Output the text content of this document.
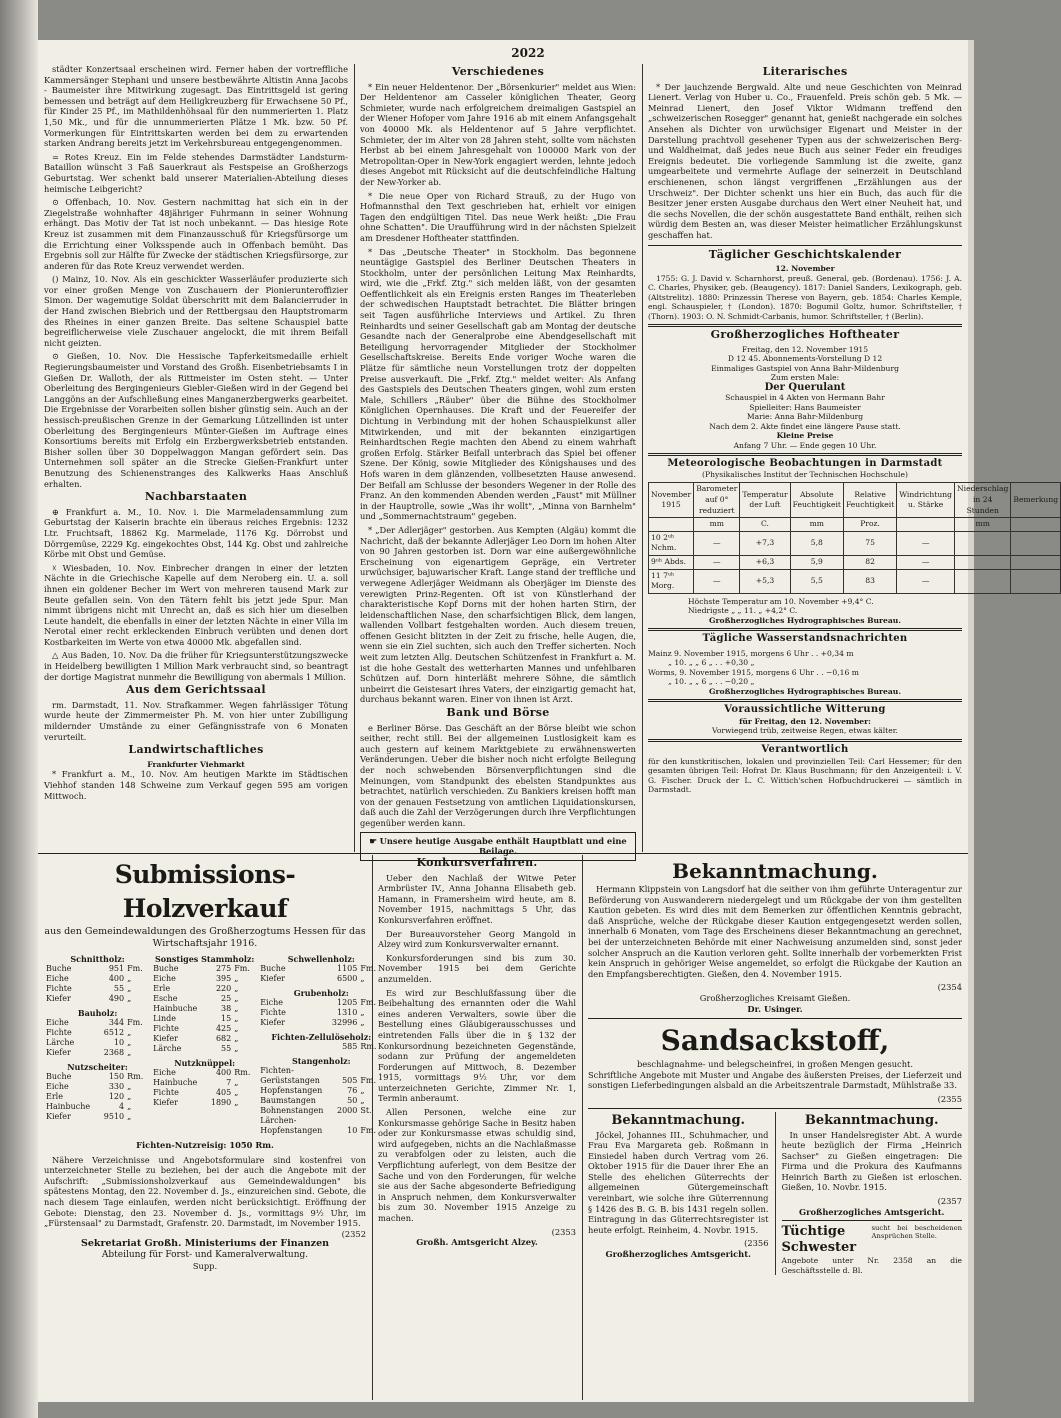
2022

städter Konzertsaal erscheinen wird. Ferner haben der vortreffliche Kammersänger Stephani und unsere bestbewährte Altistin Anna Jacobs - Baumeister ihre Mitwirkung zugesagt. Das Eintrittsgeld ist gering bemessen und beträgt auf dem Heiligkreuzberg für Erwachsene 50 Pf., für Kinder 25 Pf., im Mathildenhöhsaal für den nummerierten 1. Platz 1,50 Mk., und für die unnummerierten Plätze 1 Mk. bzw. 50 Pf. Vormerkungen für Eintrittskarten werden bei dem zu erwartenden starken Andrang bereits jetzt im Verkehrsbureau entgegengenommen.

= Rotes Kreuz. Ein im Felde stehendes Darmstädter Landsturm-Bataillon wünscht 3 Faß Sauerkraut als Festspeise an Großherzogs Geburtstag. Wer schenkt bald unserer Materialien-Abteilung dieses heimische Leibgericht?

⊙ Offenbach, 10. Nov. Gestern nachmittag hat sich ein in der Ziegelstraße wohnhafter 48jähriger Fuhrmann in seiner Wohnung erhängt. Das Motiv der Tat ist noch unbekannt. — Das hiesige Rote Kreuz ist zusammen mit dem Finanzausschuß für Kriegsfürsorge um die Errichtung einer Volksspende auch in Offenbach bemüht. Das Ergebnis soll zur Hälfte für Zwecke der städtischen Kriegsfürsorge, zur anderen für das Rote Kreuz verwendet werden.

() Mainz, 10. Nov. Als ein geschickter Wasserläufer produzierte sich vor einer großen Menge von Zuschauern der Pionierunteroffizier Simon. Der wagemutige Soldat überschritt mit dem Balancierruder in der Hand zwischen Biebrich und der Rettbergsau den Hauptstromarm des Rheines in einer ganzen Breite. Das seltene Schauspiel batte begreiflicherweise viele Zuschauer angelockt, die mit ihrem Beifall nicht geizten.

⊙ Gießen, 10. Nov. Die Hessische Tapferkeitsmedaille erhielt Regierungsbaumeister und Vorstand des Großh. Eisenbetriebsamts I in Gießen Dr. Walloth, der als Rittmeister im Osten steht. — Unter Oberleitung des Bergingenieurs Giebler-Gießen wird in der Gegend bei Langgöns an der Aufschließung eines Manganerzbergwerks gearbeitet. Die Ergebnisse der Vorarbeiten sollen bisher günstig sein. Auch an der hessisch-preußischen Grenze in der Gemarkung Lützellinden ist unter Oberleitung des Bergingenieurs Münter-Gießen im Auftrage eines Konsortiums bereits mit Erfolg ein Erzbergwerksbetrieb entstanden. Bisher sollen über 30 Doppelwaggon Mangan gefördert sein. Das Unternehmen soll später an die Strecke Gießen-Frankfurt unter Benutzung des Schienenstranges des Kalkwerks Haas Anschluß erhalten.

Nachbarstaaten

⊕ Frankfurt a. M., 10. Nov. i. Die Marmeladensammlung zum Geburtstag der Kaiserin brachte ein überaus reiches Ergebnis: 1232 Ltr. Fruchtsaft, 18862 Kg. Marmelade, 1176 Kg. Dörrobst und Dörrgemüse, 2229 Kg. eingekochtes Obst, 144 Kg. Obst und zahlreiche Körbe mit Obst und Gemüse.

☓ Wiesbaden, 10. Nov. Einbrecher drangen in einer der letzten Nächte in die Griechische Kapelle auf dem Neroberg ein. U. a. soll ihnen ein goldener Becher im Wert von mehreren tausend Mark zur Beute gefallen sein. Von den Tätern fehlt bis jetzt jede Spur. Man nimmt übrigens nicht mit Unrecht an, daß es sich hier um dieselben Leute handelt, die ebenfalls in einer der letzten Nächte in einer Villa im Nerotal einer recht erkleckenden Einbruch verübten und denen dort Kostbarkeiten im Werte von etwa 40000 Mk. abgefallen sind.

△ Aus Baden, 10. Nov. Da die früher für Kriegsunterstützungszwecke in Heidelberg bewilligten 1 Million Mark verbraucht sind, so beantragt der dortige Magistrat nunmehr die Bewilligung von abermals 1 Million.

Aus dem Gerichtssaal

rm. Darmstadt, 11. Nov. Strafkammer. Wegen fahrlässiger Tötung wurde heute der Zimmermeister Ph. M. von hier unter Zubilligung mildernder Umstände zu einer Gefängnisstrafe von 6 Monaten verurteilt.

Landwirtschaftliches
Frankfurter Viehmarkt

* Frankfurt a. M., 10. Nov. Am heutigen Markte im Städtischen Viehhof standen 148 Schweine zum Verkauf gegen 595 am vorigen Mittwoch.

Verschiedenes

* Ein neuer Heldentenor. Der „Börsenkurier" meldet aus Wien: Der Heldentenor am Casseler königlichen Theater, Georg Schmieter, wurde nach erfolgreichem dreimaligen Gastspiel an der Wiener Hofoper vom Jahre 1916 ab mit einem Anfangsgehalt von 40000 Mk. als Heldentenor auf 5 Jahre verpflichtet. Schmieter, der im Alter von 28 Jahren steht, sollte vom nächsten Herbst ab bei einem Jahresgehalt von 100000 Mark von der Metropolitan-Oper in New-York engagiert werden, lehnte jedoch dieses Angebot mit Rücksicht auf die deutschfeindliche Haltung der New-Yorker ab.

* Die neue Oper von Richard Strauß, zu der Hugo von Hofmannsthal den Text geschrieben hat, erhielt vor einigen Tagen den endgültigen Titel. Das neue Werk heißt: „Die Frau ohne Schatten". Die Uraufführung wird in der nächsten Spielzeit am Dresdener Hoftheater stattfinden.

* Das „Deutsche Theater" in Stockholm. Das begonnene neuntägige Gastspiel des Berliner Deutschen Theaters in Stockholm, unter der persönlichen Leitung Max Reinhardts, wird, wie die „Frkf. Ztg." sich melden läßt, von der gesamten Oeffentlichkeit als ein Ereignis ersten Ranges im Theaterleben der schwedischen Hauptstadt betrachtet. Die Blätter bringen seit Tagen ausführliche Interviews und Artikel. Zu Ihren Reinhardts und seiner Gesellschaft gab am Montag der deutsche Gesandte nach der Generalprobe eine Abendgesellschaft mit Beteiligung hervorragender Mitglieder der Stockholmer Gesellschaftskreise. Bereits Ende voriger Woche waren die Plätze für sämtliche neun Vorstellungen trotz der doppelten Preise ausverkauft. Die „Frkf. Ztg." meldet weiter: Als Anfang des Gastspiels des Deutschen Theaters gingen, wohl zum ersten Male, Schillers „Räuber" über die Bühne des Stockholmer Königlichen Opernhauses. Die Kraft und der Feuereifer der Dichtung in Verbindung mit der hohen Schauspielkunst aller Mitwirkenden, und mit der bekannten einzigartigen Reinhardtschen Regie machten den Abend zu einem wahrhaft großen Erfolg. Stärker Beifall unterbrach das Spiel bei offener Szene. Der König, sowie Mitglieder des Königshauses und des Hofs waren in dem glänzenden, vollbesetzten Hause anwesend. Der Beifall am Schlusse der besonders Wegener in der Rolle des Franz. An den kommenden Abenden werden „Faust" mit Müllner in der Hauptrolle, sowie „Was ihr wollt", „Minna von Barnhelm" und „Sommernachtstraum" gegeben.

* „Der Adlerjäger" gestorben. Aus Kempten (Algäu) kommt die Nachricht, daß der bekannte Adlerjäger Leo Dorn im hohen Alter von 90 Jahren gestorben ist. Dorn war eine außergewöhnliche Erscheinung von eigenartigem Gepräge, ein Vertreter urwüchsiger, bajuwarischer Kraft. Lange stand der treffliche und verwegene Adlerjäger Weidmann als Oberjäger im Dienste des verewigten Prinz-Regenten. Oft ist von Künstlerhand der charakteristische Kopf Dorns mit der hohen harten Stirn, der leidenschaftlichen Nase, den scharfsichtigen Blick, dem langen, wallenden Vollbart festgehalten worden. Auch diesem treuen, offenen Gesicht blitzten in der Zeit zu frische, helle Augen, die, wenn sie ein Ziel suchten, sich auch den Treffer sicherten. Noch weit zum letzten Allg. Deutschen Schützenfest in Frankfurt a. M. ist die hohe Gestalt des wetterharten Mannes und unfehlbaren Schützen auf. Dorn hinterläßt mehrere Söhne, die sämtlich unbeirrt die Geistesart ihres Vaters, der einzigartig gemacht hat, durchaus bekannt waren. Einer von ihnen ist Arzt.

Bank und Börse

e Berliner Börse. Das Geschäft an der Börse bleibt wie schon seither, recht still. Bei der allgemeinen Lustlosigkeit kam es auch gestern auf keinem Marktgebiete zu erwähnenswerten Veränderungen. Ueber die bisher noch nicht erfolgte Beilegung der noch schwebenden Börsenverpflichtungen sind die Meinungen, vom Standpunkt des ebelsten Standpunktes aus betrachtet, natürlich verschieden. Zu Bankiers kreisen hofft man von der genauen Festsetzung von amtlichen Liquidationskursen, daß auch die Zahl der Verzögerungen durch ihre Verpflichtungen gegenüber werden kann.

☛ Unsere heutige Ausgabe enthält Hauptblatt und eine Beilage.
Literarisches

* Der jauchzende Bergwald. Alte und neue Geschichten von Meinrad Lienert. Verlag von Huber u. Co., Frauenfeld. Preis schön geb. 5 Mk. — Meinrad Lienert, den Josef Viktor Widmann treffend den „schweizerischen Rosegger" genannt hat, genießt nachgerade ein solches Ansehen als Dichter von urwüchsiger Eigenart und Meister in der Darstellung prachtvoll gesehener Typen aus der schweizerischen Berg- und Waldheimat, daß jedes neue Buch aus seiner Feder ein freudiges Ereignis bedeutet. Die vorliegende Sammlung ist die zweite, ganz umgearbeitete und vermehrte Auflage der seinerzeit in Deutschland erschienenen, schon längst vergriffenen „Erzählungen aus der Urschweiz". Der Dichter schenkt uns hier ein Buch, das auch für die Besitzer jener ersten Ausgabe durchaus den Wert einer Neuheit hat, und die sechs Novellen, die der schön ausgestattete Band enthält, reihen sich würdig dem Besten an, was dieser Meister heimatlicher Erzählungskunst geschaffen hat.

Täglicher Geschichtskalender
12. November

1755: G. J. David v. Scharnhorst, preuß. General, geb. (Bordenau). 1756: J. A. C. Charles, Physiker, geb. (Beaugency). 1817: Daniel Sanders, Lexikograph, geb. (Altstrelitz). 1880: Prinzessin Therese von Bayern, geb. 1854: Charles Kemple, engl. Schauspieler, † (London). 1870: Bogumil Goltz, humor. Schriftsteller, † (Thorn). 1903: O. N. Schmidt-Carbanis, humor. Schriftsteller, † (Berlin).

Großherzogliches Hoftheater
Freitag, den 12. November 1915
D 12 45. Abonnements-Vorstellung D 12
Einmaliges Gastspiel von Anna Bahr-Mildenburg
Zum ersten Male:
Der Querulant
Schauspiel in 4 Akten von Hermann Bahr
Spielleiter: Hans Baumeister
Marie: Anna Bahr-Mildenburg
Nach dem 2. Akte findet eine längere Pause statt.
Kleine Preise
Anfang 7 Uhr. — Ende gegen 10 Uhr.
Meteorologische Beobachtungen in Darmstadt
(Physikalisches Institut der Technischen Hochschule)
November 1915	Barometer auf 0° reduziert	Temperatur der Luft	Absolute Feuchtigkeit	Relative Feuchtigkeit	Windrichtung u. Stärke	Niederschlag in 24 Stunden	Bemerkung
	mm	C.	mm	Proz.		mm	
10 2ᵘʰ Nchm.	—	+7,3	5,8	75	—		
9ᵘʰ Abds.	—	+6,3	5,9	82	—		
11 7ᵘʰ Morg.	—	+5,3	5,5	83	—		
Höchste Temperatur am 10. November +9,4° C.
Niedrigste „ „ 11. „ +4,2° C.
Großherzogliches Hydrographisches Bureau.
Tägliche Wasserstandsnachrichten
Mainz 9. November 1915, morgens 6 Uhr . . +0,34 m
„ 10. „ „ 6 „ . . +0,30 „
Worms, 9. November 1915, morgens 6 Uhr . . −0,16 m
„ 10. „ „ 6 „ . . −0,20 „
Großherzogliches Hydrographisches Bureau.
Voraussichtliche Witterung
für Freitag, den 12. November:
Vorwiegend trüb, zeitweise Regen, etwas kälter.
Verantwortlich
für den kunstkritischen, lokalen und provinziellen Teil: Carl Hessemer; für den gesamten übrigen Teil: Hofrat Dr. Klaus Buschmann; für den Anzeigenteil: i. V. G. Fischer. Druck der L. C. Wittich'schen Hofbuchdruckerei — sämtlich in Darmstadt.
Submissions-Holzverkauf
aus den Gemeindewaldungen des Großherzogtums Hessen für das Wirtschaftsjahr 1916.
Schnittholz:
Buche	951 Fm.
Eiche	400 „
Fichte	55 „
Kiefer	490 „
Bauholz:
Eiche	344 Fm.
Fichte	6512 „
Lärche	10 „
Kiefer	2368 „
Nutzscheiter:
Buche	150 Rm.
Eiche	330 „
Erle	120 „
Hainbuche	4 „
Kiefer	9510 „

Sonstiges Stammholz:
Buche	275 Fm.
Eiche	395 „
Erle	220 „
Esche	25 „
Hainbuche	38 „
Linde	15 „
Fichte	425 „
Kiefer	682 „
Lärche	55 „
Nutzknüppel:
Eiche	400 Rm.
Hainbuche	7 „
Fichte	405 „
Kiefer	1890 „

Schwellenholz:
Buche	1105 Fm.
Kiefer	6500 „
Grubenholz:
Eiche	1205 Fm.
Fichte	1310 „
Kiefer	32996 „
Fichten-Zellulöseholz:
585 Rm.
Stangenholz:
Fichten-
Gerüststangen	505 Fm.
Hopfenstangen	76 „
Baumstangen	50 „
Bohnenstangen	2000 St.
Lärchen-
Hopfenstangen	10 Fm.
Fichten-Nutzreisig: 1050 Rm.

Nähere Verzeichnisse und Angebotsformulare sind kostenfrei von unterzeichneter Stelle zu beziehen, bei der auch die Angebote mit der Aufschrift: „Submissionsholzverkauf aus Gemeindewaldungen" bis spätestens Montag, den 22. November d. Js., einzureichen sind. Gebote, die nach diesem Tage einlaufen, werden nicht berücksichtigt. Eröffnung der Gebote: Dienstag, den 23. November d. Js., vormittags 9½ Uhr, im „Fürstensaal" zu Darmstadt, Grafenstr. 20. Darmstadt, im November 1915.

(2352
Sekretariat Großh. Ministeriums der Finanzen
Abteilung für Forst- und Kameralverwaltung.
Supp.
Konkursverfahren.

Ueber den Nachlaß der Witwe Peter Armbrüster IV., Anna Johanna Elisabeth geb. Hamann, in Framersheim wird heute, am 8. November 1915, nachmittags 5 Uhr, das Konkursverfahren eröffnet.

Der Bureauvorsteher Georg Mangold in Alzey wird zum Konkursverwalter ernannt.

Konkursforderungen sind bis zum 30. November 1915 bei dem Gerichte anzumelden.

Es wird zur Beschlußfassung über die Beibehaltung des ernannten oder die Wahl eines anderen Verwalters, sowie über die Bestellung eines Gläubigerausschusses und eintretenden Falls über die in § 132 der Konkursordnung bezeichneten Gegenstände, sodann zur Prüfung der angemeldeten Forderungen auf Mittwoch, 8. Dezember 1915, vormittags 9½ Uhr, vor dem unterzeichneten Gerichte, Zimmer Nr. 1, Termin anberaumt.

Allen Personen, welche eine zur Konkursmasse gehörige Sache in Besitz haben oder zur Konkursmasse etwas schuldig sind, wird aufgegeben, nichts an die Nachlaßmasse zu verabfolgen oder zu leisten, auch die Verpflichtung auferlegt, von dem Besitze der Sache und von den Forderungen, für welche sie aus der Sache abgesonderte Befriedigung in Anspruch nehmen, dem Konkursverwalter bis zum 30. November 1915 Anzeige zu machen.

(2353
Großh. Amtsgericht Alzey.
Bekanntmachung.

Hermann Klippstein von Langsdorf hat die seither von ihm geführte Unteragentur zur Beförderung von Auswanderern niedergelegt und um Rückgabe der von ihm gestellten Kaution gebeten. Es wird dies mit dem Bemerken zur öffentlichen Kenntnis gebracht, daß Ansprüche, welche der Rückgabe dieser Kaution entgegengesetzt werden sollen, innerhalb 6 Monaten, vom Tage des Erscheinens dieser Bekanntmachung an gerechnet, bei der unterzeichneten Behörde mit einer Nachweisung anzumelden sind, sonst jeder solcher Anspruch an die Kaution verloren geht. Sollte innerhalb der vorbemerkten Frist kein Anspruch in gehöriger Weise angemeldet, so erfolgt die Rückgabe der Kaution an den Empfangsberechtigten. Gießen, den 4. November 1915.

(2354
Großherzogliches Kreisamt Gießen.
Dr. Usinger.
Sandsackstoff,
beschlagnahme- und belegscheinfrei, in großen Mengen gesucht.

Schriftliche Angebote mit Muster und Angabe des äußersten Preises, der Lieferzeit und sonstigen Lieferbedingungen alsbald an die Arbeitszentrale Darmstadt, Mühlstraße 33.

(2355
Bekanntmachung.

Jöckel, Johannes III., Schuhmacher, und Frau Eva Margareta geb. Roßmann in Einsiedel haben durch Vertrag vom 26. Oktober 1915 für die Dauer ihrer Ehe an Stelle des ehelichen Güterrechts der allgemeinen Gütergemeinschaft vereinbart, wie solche ihre Güterrennung § 1426 des B. G. B. bis 1431 regeln sollen. Eintragung in das Güterrechtsregister ist heute erfolgt. Reinheim, 4. Novbr. 1915.

(2356
Großherzogliches Amtsgericht.
Bekanntmachung.

In unser Handelsregister Abt. A wurde heute bezüglich der Firma „Heinrich Sachser" zu Gießen eingetragen: Die Firma und die Prokura des Kaufmanns Heinrich Barth zu Gießen ist erloschen. Gießen, 10. Novbr. 1915.

(2357
Großherzogliches Amtsgericht.
Tüchtige Schwester
sucht bei bescheidenen Ansprüchen Stelle.
Angebote unter Nr. 2358 an die Geschäftsstelle d. Bl.
